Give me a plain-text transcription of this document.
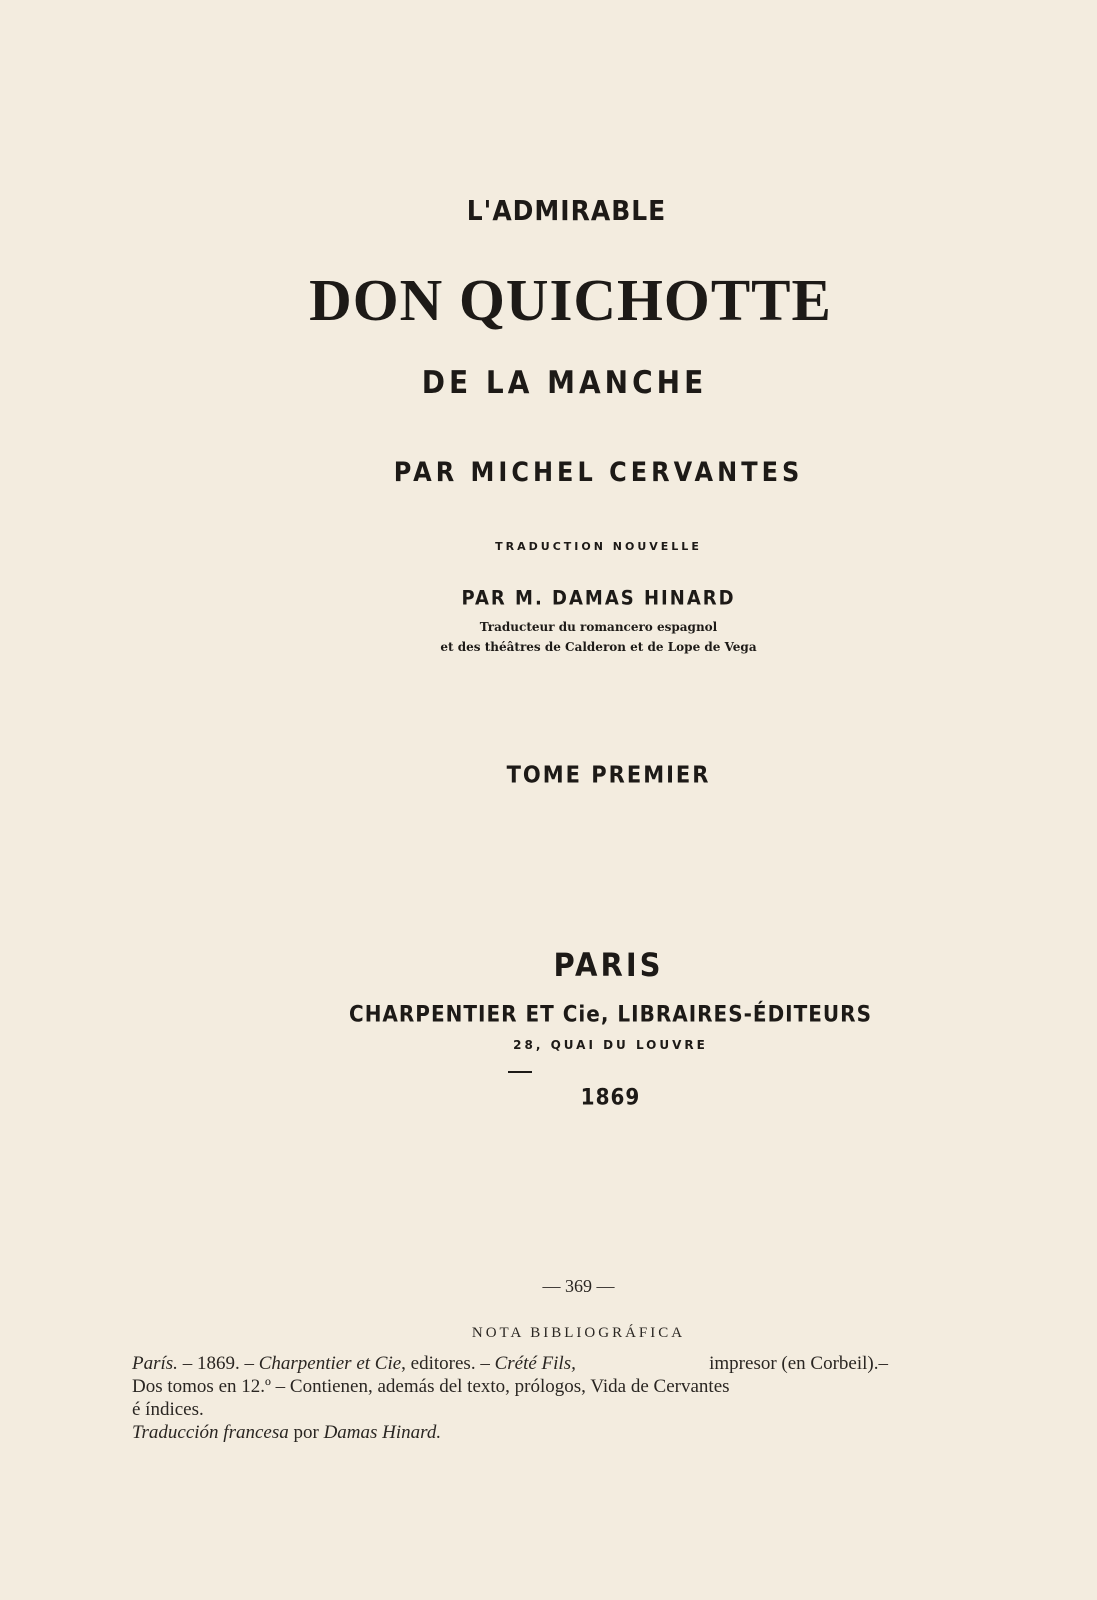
L'ADMIRABLE
DON QUICHOTTE
DE LA MANCHE
PAR MICHEL CERVANTES
TRADUCTION NOUVELLE
PAR M. DAMAS HINARD
Traducteur du romancero espagnol
et des théâtres de Calderon et de Lope de Vega
TOME PREMIER
PARIS
CHARPENTIER ET Cie, LIBRAIRES-ÉDITEURS
28, QUAI DU LOUVRE
1869
— 369 —
NOTA BIBLIOGRÁFICA
París. – 1869. – Charpentier et Cie, editores. – Crété Fils,	impresor (en Corbeil).–
Dos tomos en 12.º – Contienen, además del texto, prólogos, Vida de Cervantes
é índices.
Traducción francesa por Damas Hinard.
